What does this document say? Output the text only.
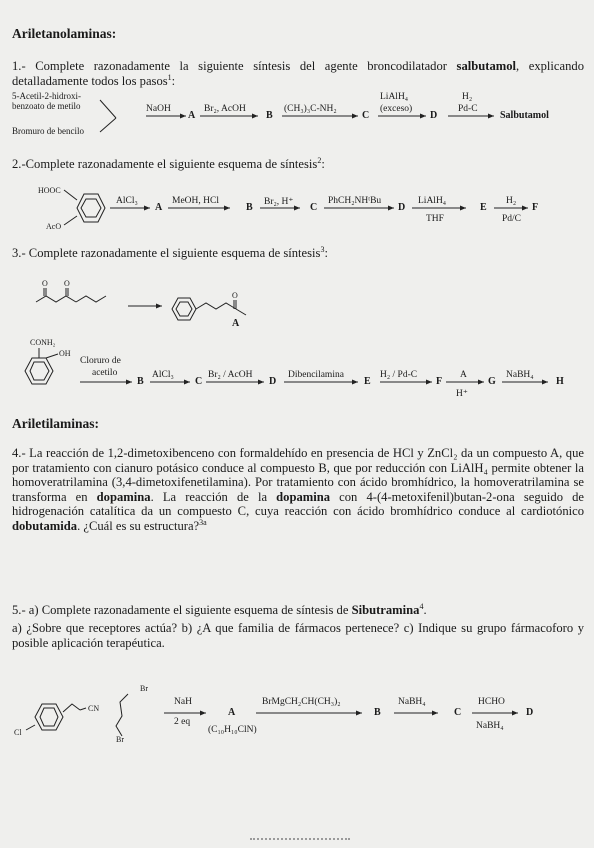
Ariletanolaminas:
1.- Complete razonadamente la siguiente síntesis del agente broncodilatador salbutamol, explicando detalladamente todos los pasos$^1$:
5-Acetil-2-hidroxi-
benzoato de metilo
Bromuro de bencilo
NaOH
A
Br₂, AcOH
B
(CH₃)₃C-NH₂
C
LiAlH₄
(exceso)
D
H₂
Pd-C
Salbutamol
2.-Complete razonadamente el siguiente esquema de síntesis$^2$:
HOOC
AcO
AlCl₃
A
MeOH, HCl
B Br₂, H⁺ C
PhCH₂NHᵗBu
D
LiAlH₄
THF
E
H₂
Pd/C
F
3.- Complete razonadamente el siguiente esquema de síntesis$^3$:
O O
O
A
CONH₂
OH
Cloruro de
acetilo
B
AlCl₃
C
Br₂ / AcOH
D
Dibencilamina
E
H₂ / Pd-C
F
A
H⁺
G
NaBH₄
H
Ariletilaminas:
4.- La reacción de 1,2-dimetoxibenceno con formaldehído en presencia de HCl y ZnCl₂ da un compuesto A, que por tratamiento con cianuro potásico conduce al compuesto B, que por reducción con LiAlH₄ permite obtener la homoveratrilamina (3,4-dimetoxifenetilamina). Por tratamiento con ácido bromhídrico, la homoveratrilamina se transforma en dopamina. La reacción de la dopamina con 4-(4-metoxifenil)butan-2-ona seguido de hidrogenación catalítica da un compuesto C, cuya reacción con ácido bromhídrico conduce al cardiotónico dobutamida. ¿Cuál es su estructura?$^{3a}$
5.- a) Complete razonadamente el siguiente esquema de síntesis de Sibutramina$^4$.
a) ¿Sobre que receptores actúa? b) ¿A que familia de fármacos pertenece? c) Indique su grupo fármacoforo y posible aplicación terapéutica.
Cl
CN
Br
Br
NaH
2 eq
A
(C₁₀H₁₀ClN)
BrMgCH₂CH(CH₃)₂
B
NaBH₄
C
HCHO
NaBH₄
D
